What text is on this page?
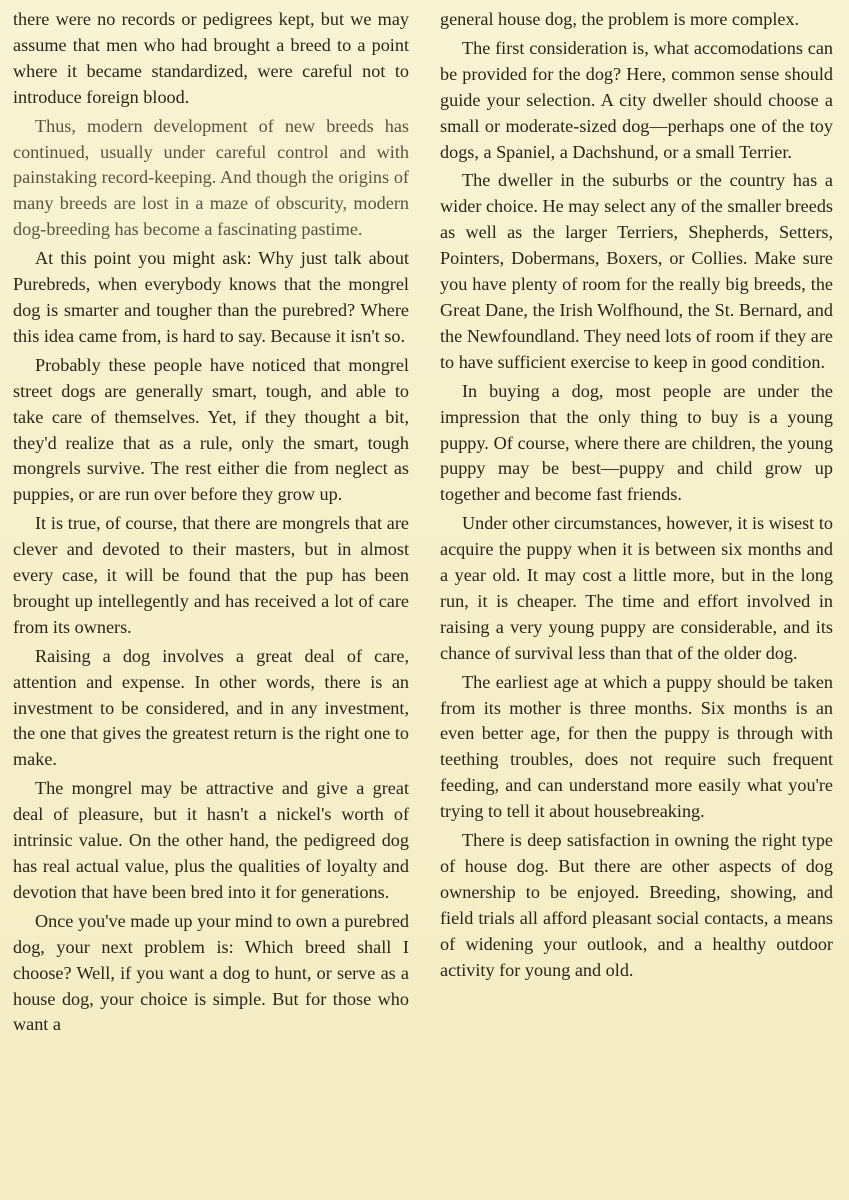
there were no records or pedigrees kept, but we may assume that men who had brought a breed to a point where it became standardized, were careful not to introduce foreign blood.

Thus, modern development of new breeds has continued, usually under careful control and with painstaking record-keeping. And though the origins of many breeds are lost in a maze of obscurity, modern dog-breeding has become a fascinating pastime.

At this point you might ask: Why just talk about Purebreds, when everybody knows that the mongrel dog is smarter and tougher than the purebred? Where this idea came from, is hard to say. Because it isn't so.

Probably these people have noticed that mongrel street dogs are generally smart, tough, and able to take care of themselves. Yet, if they thought a bit, they'd realize that as a rule, only the smart, tough mongrels survive. The rest either die from neglect as puppies, or are run over before they grow up.

It is true, of course, that there are mongrels that are clever and devoted to their masters, but in almost every case, it will be found that the pup has been brought up intellegently and has received a lot of care from its owners.

Raising a dog involves a great deal of care, attention and expense. In other words, there is an investment to be considered, and in any investment, the one that gives the greatest return is the right one to make.

The mongrel may be attractive and give a great deal of pleasure, but it hasn't a nickel's worth of intrinsic value. On the other hand, the pedigreed dog has real actual value, plus the qualities of loyalty and devotion that have been bred into it for generations.

Once you've made up your mind to own a purebred dog, your next problem is: Which breed shall I choose? Well, if you want a dog to hunt, or serve as a house dog, your choice is simple. But for those who want a

general house dog, the problem is more complex.

The first consideration is, what accomodations can be provided for the dog? Here, common sense should guide your selection. A city dweller should choose a small or moderate-sized dog—perhaps one of the toy dogs, a Spaniel, a Dachshund, or a small Terrier.

The dweller in the suburbs or the country has a wider choice. He may select any of the smaller breeds as well as the larger Terriers, Shepherds, Setters, Pointers, Dobermans, Boxers, or Collies. Make sure you have plenty of room for the really big breeds, the Great Dane, the Irish Wolfhound, the St. Bernard, and the Newfoundland. They need lots of room if they are to have sufficient exercise to keep in good condition.

In buying a dog, most people are under the impression that the only thing to buy is a young puppy. Of course, where there are children, the young puppy may be best—puppy and child grow up together and become fast friends.

Under other circumstances, however, it is wisest to acquire the puppy when it is between six months and a year old. It may cost a little more, but in the long run, it is cheaper. The time and effort involved in raising a very young puppy are considerable, and its chance of survival less than that of the older dog.

The earliest age at which a puppy should be taken from its mother is three months. Six months is an even better age, for then the puppy is through with teething troubles, does not require such frequent feeding, and can understand more easily what you're trying to tell it about housebreaking.

There is deep satisfaction in owning the right type of house dog. But there are other aspects of dog ownership to be enjoyed. Breeding, showing, and field trials all afford pleasant social contacts, a means of widening your outlook, and a healthy outdoor activity for young and old.
